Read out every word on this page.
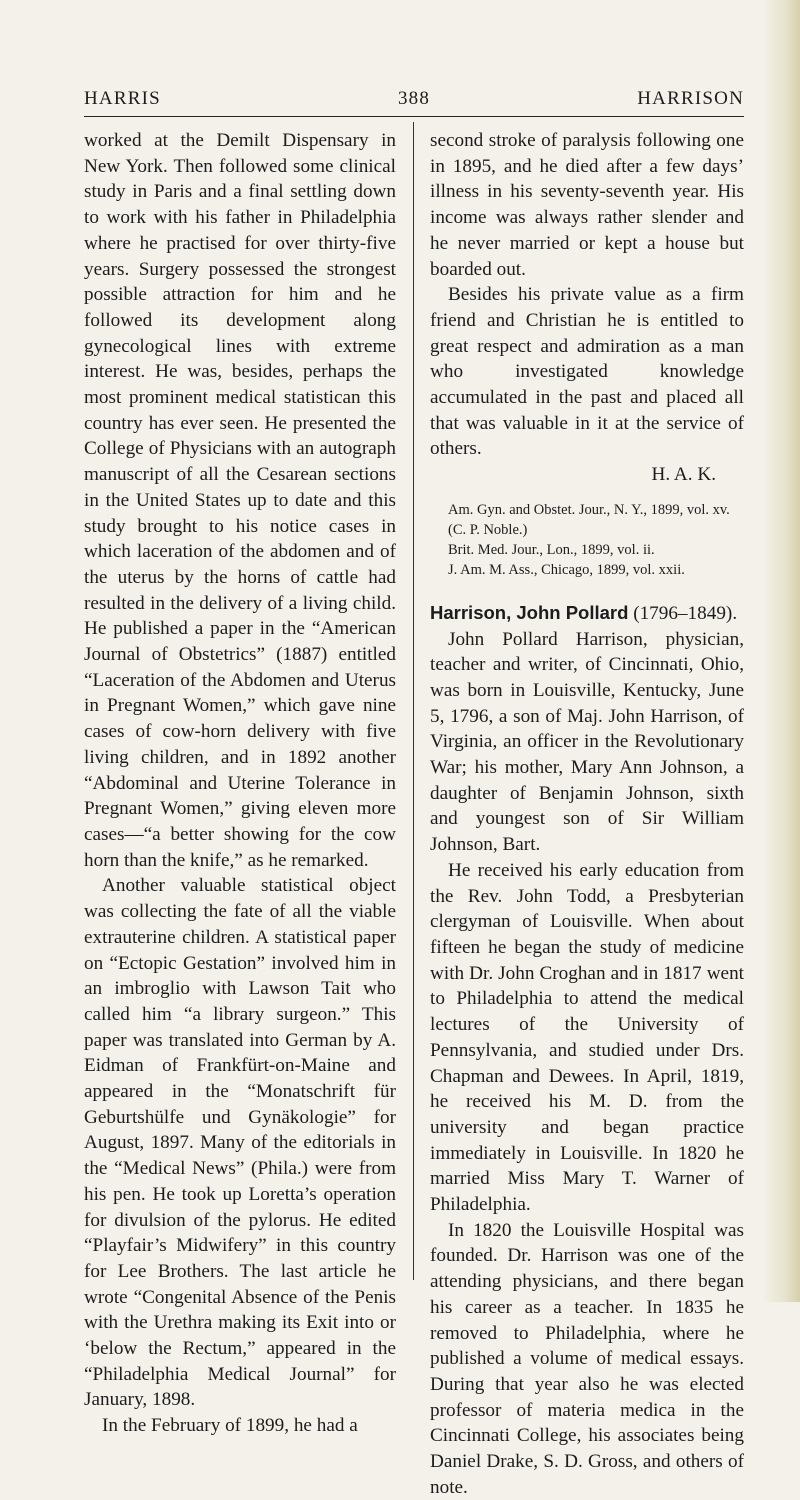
HARRIS	388	HARRISON

worked at the Demilt Dispensary in New York. Then followed some clinical study in Paris and a final settling down to work with his father in Philadelphia where he practised for over thirty-five years. Surgery possessed the strongest possible attraction for him and he followed its development along gynecological lines with extreme interest. He was, besides, perhaps the most prominent medical statistican this country has ever seen. He presented the College of Physicians with an autograph manuscript of all the Cesarean sections in the United States up to date and this study brought to his notice cases in which laceration of the abdomen and of the uterus by the horns of cattle had resulted in the delivery of a living child. He published a paper in the “American Journal of Obstetrics” (1887) entitled “Laceration of the Abdomen and Uterus in Pregnant Women,” which gave nine cases of cow-horn delivery with five living children, and in 1892 another “Abdominal and Uterine Tolerance in Pregnant Women,” giving eleven more cases—“a better showing for the cow horn than the knife,” as he remarked.

Another valuable statistical object was collecting the fate of all the viable extrauterine children. A statistical paper on “Ectopic Gestation” involved him in an imbroglio with Lawson Tait who called him “a library surgeon.” This paper was translated into German by A. Eidman of Frankfürt-on-Maine and appeared in the “Monatschrift für Geburtshülfe und Gynäkologie” for August, 1897. Many of the editorials in the “Medical News” (Phila.) were from his pen. He took up Loretta’s operation for divulsion of the pylorus. He edited “Playfair’s Midwifery” in this country for Lee Brothers. The last article he wrote “Congenital Absence of the Penis with the Urethra making its Exit into or ‘below the Rectum,” appeared in the “Philadelphia Medical Journal” for January, 1898.

In the February of 1899, he had a

second stroke of paralysis following one in 1895, and he died after a few days’ illness in his seventy-seventh year. His income was always rather slender and he never married or kept a house but boarded out.

Besides his private value as a firm friend and Christian he is entitled to great respect and admiration as a man who investigated knowledge accumulated in the past and placed all that was valuable in it at the service of others.

H. A. K.

Am. Gyn. and Obstet. Jour., N. Y., 1899, vol. xv. (C. P. Noble.)
Brit. Med. Jour., Lon., 1899, vol. ii.
J. Am. M. Ass., Chicago, 1899, vol. xxii.

Harrison, John Pollard (1796–1849).

John Pollard Harrison, physician, teacher and writer, of Cincinnati, Ohio, was born in Louisville, Kentucky, June 5, 1796, a son of Maj. John Harrison, of Virginia, an officer in the Revolutionary War; his mother, Mary Ann Johnson, a daughter of Benjamin Johnson, sixth and youngest son of Sir William Johnson, Bart.

He received his early education from the Rev. John Todd, a Presbyterian clergyman of Louisville. When about fifteen he began the study of medicine with Dr. John Croghan and in 1817 went to Philadelphia to attend the medical lectures of the University of Pennsylvania, and studied under Drs. Chapman and Dewees. In April, 1819, he received his M. D. from the university and began practice immediately in Louisville. In 1820 he married Miss Mary T. Warner of Philadelphia.

In 1820 the Louisville Hospital was founded. Dr. Harrison was one of the attending physicians, and there began his career as a teacher. In 1835 he removed to Philadelphia, where he published a volume of medical essays. During that year also he was elected professor of materia medica in the Cincinnati College, his associates being Daniel Drake, S. D. Gross, and others of note.
